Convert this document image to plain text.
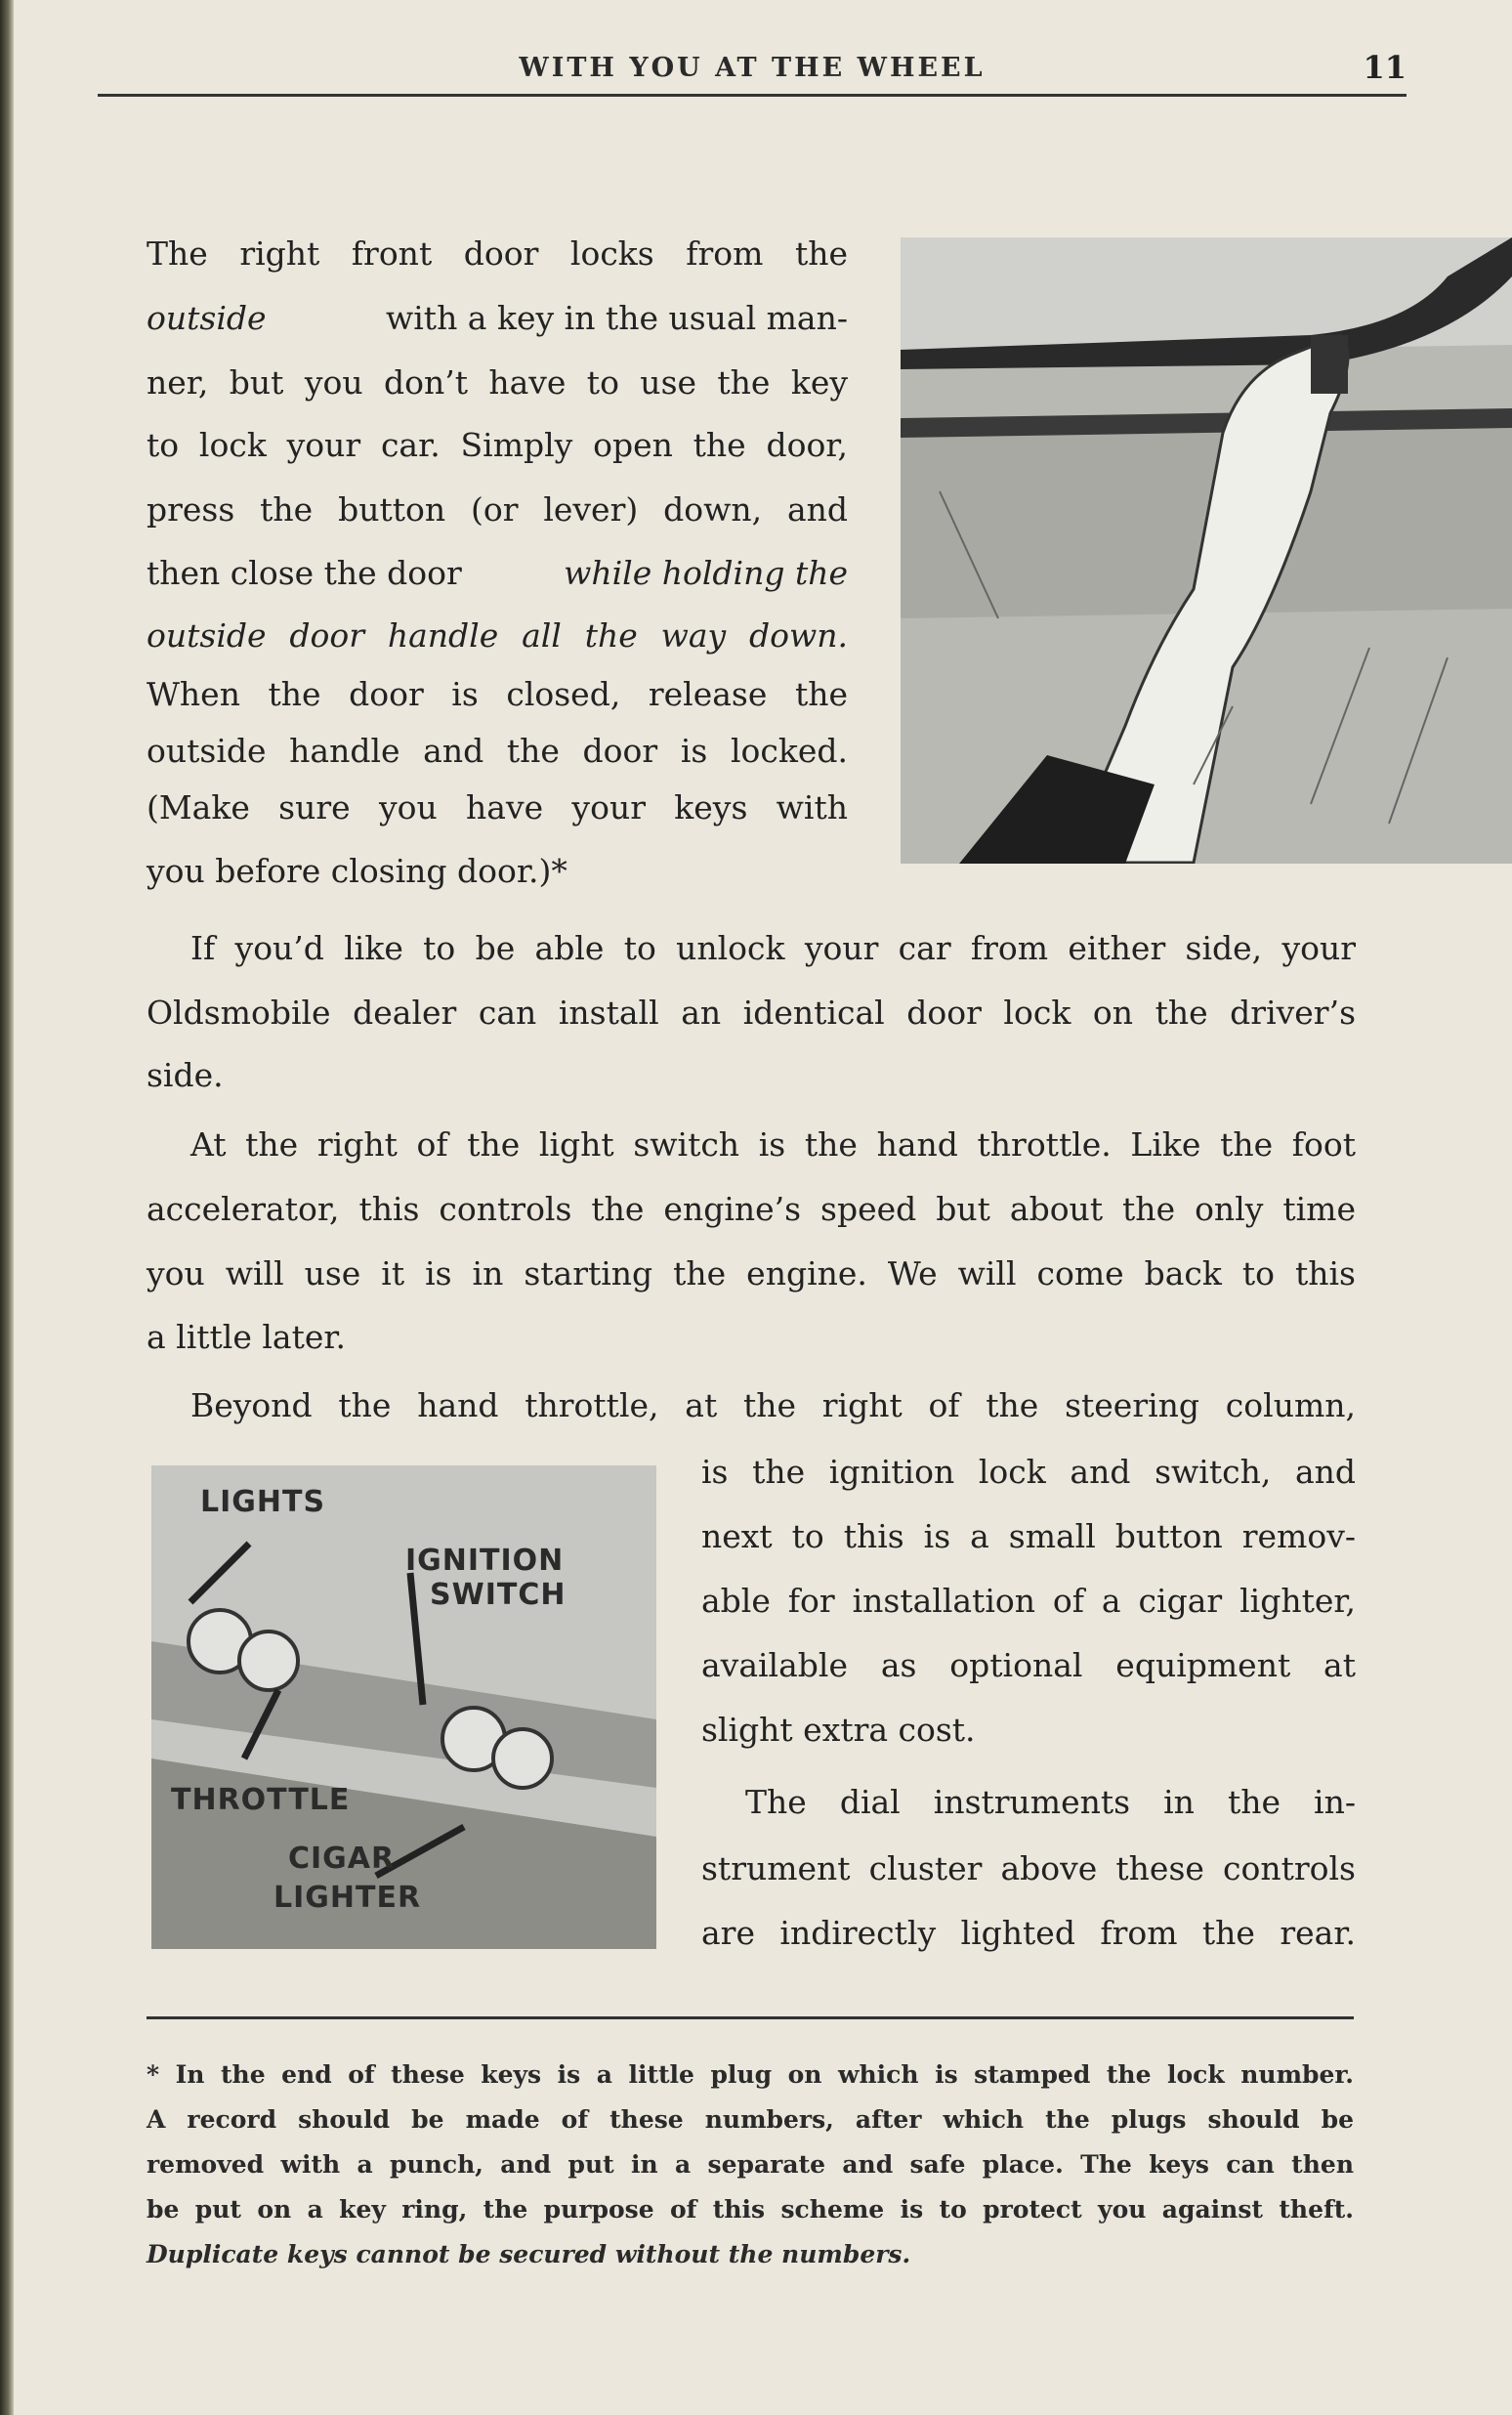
WITH YOU AT THE WHEEL	11
The right front door locks from the
outside	with a key in the usual man-
ner, but you don’t have to use the key
to lock your car. Simply open the door,
press the button (or lever) down, and
then close the door	while holding the
outside door handle all the way down.
When the door is closed, release the
outside handle and the door is locked.
(Make sure you have your keys with
you before closing door.)*
If you’d like to be able to unlock your car from either side, your
Oldsmobile dealer can install an identical door lock on the driver’s
side.
At the right of the light switch is the hand throttle. Like the foot
accelerator, this controls the engine’s speed but about the only time
you will use it is in starting the engine. We will come back to this
a little later.
Beyond the hand throttle, at the right of the steering column,
is the ignition lock and switch, and
next to this is a small button remov-
able for installation of a cigar lighter,
available as optional equipment at
slight extra cost.
The dial instruments in the in-
strument cluster above these controls
are indirectly lighted from the rear.
LIGHTS
IGNITION
SWITCH
THROTTLE
CIGAR
LIGHTER
* In the end of these keys is a little plug on which is stamped the lock number.
A record should be made of these numbers, after which the plugs should be
removed with a punch, and put in a separate and safe place. The keys can then
be put on a key ring, the purpose of this scheme is to protect you against theft.
Duplicate keys cannot be secured without the numbers.
